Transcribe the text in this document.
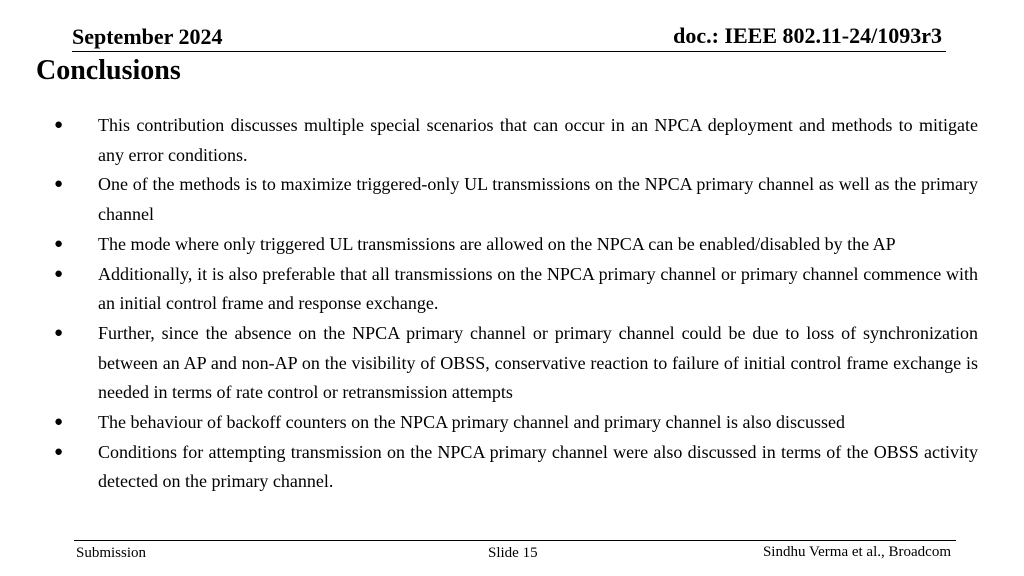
September 2024	doc.: IEEE 802.11-24/1093r3
Conclusions
● This contribution discusses multiple special scenarios that can occur in an NPCA deployment and methods to mitigate any error conditions.
● One of the methods is to maximize triggered-only UL transmissions on the NPCA primary channel as well as the primary channel
● The mode where only triggered UL transmissions are allowed on the NPCA can be enabled/disabled by the AP
● Additionally, it is also preferable that all transmissions on the NPCA primary channel or primary channel commence with an initial control frame and response exchange.
● Further, since the absence on the NPCA primary channel or primary channel could be due to loss of synchronization between an AP and non-AP on the visibility of OBSS, conservative reaction to failure of initial control frame exchange is needed in terms of rate control or retransmission attempts
● The behaviour of backoff counters on the NPCA primary channel and primary channel is also discussed
● Conditions for attempting transmission on the NPCA primary channel were also discussed in terms of the OBSS activity detected on the primary channel.
Submission	Slide 15	Sindhu Verma et al., Broadcom
